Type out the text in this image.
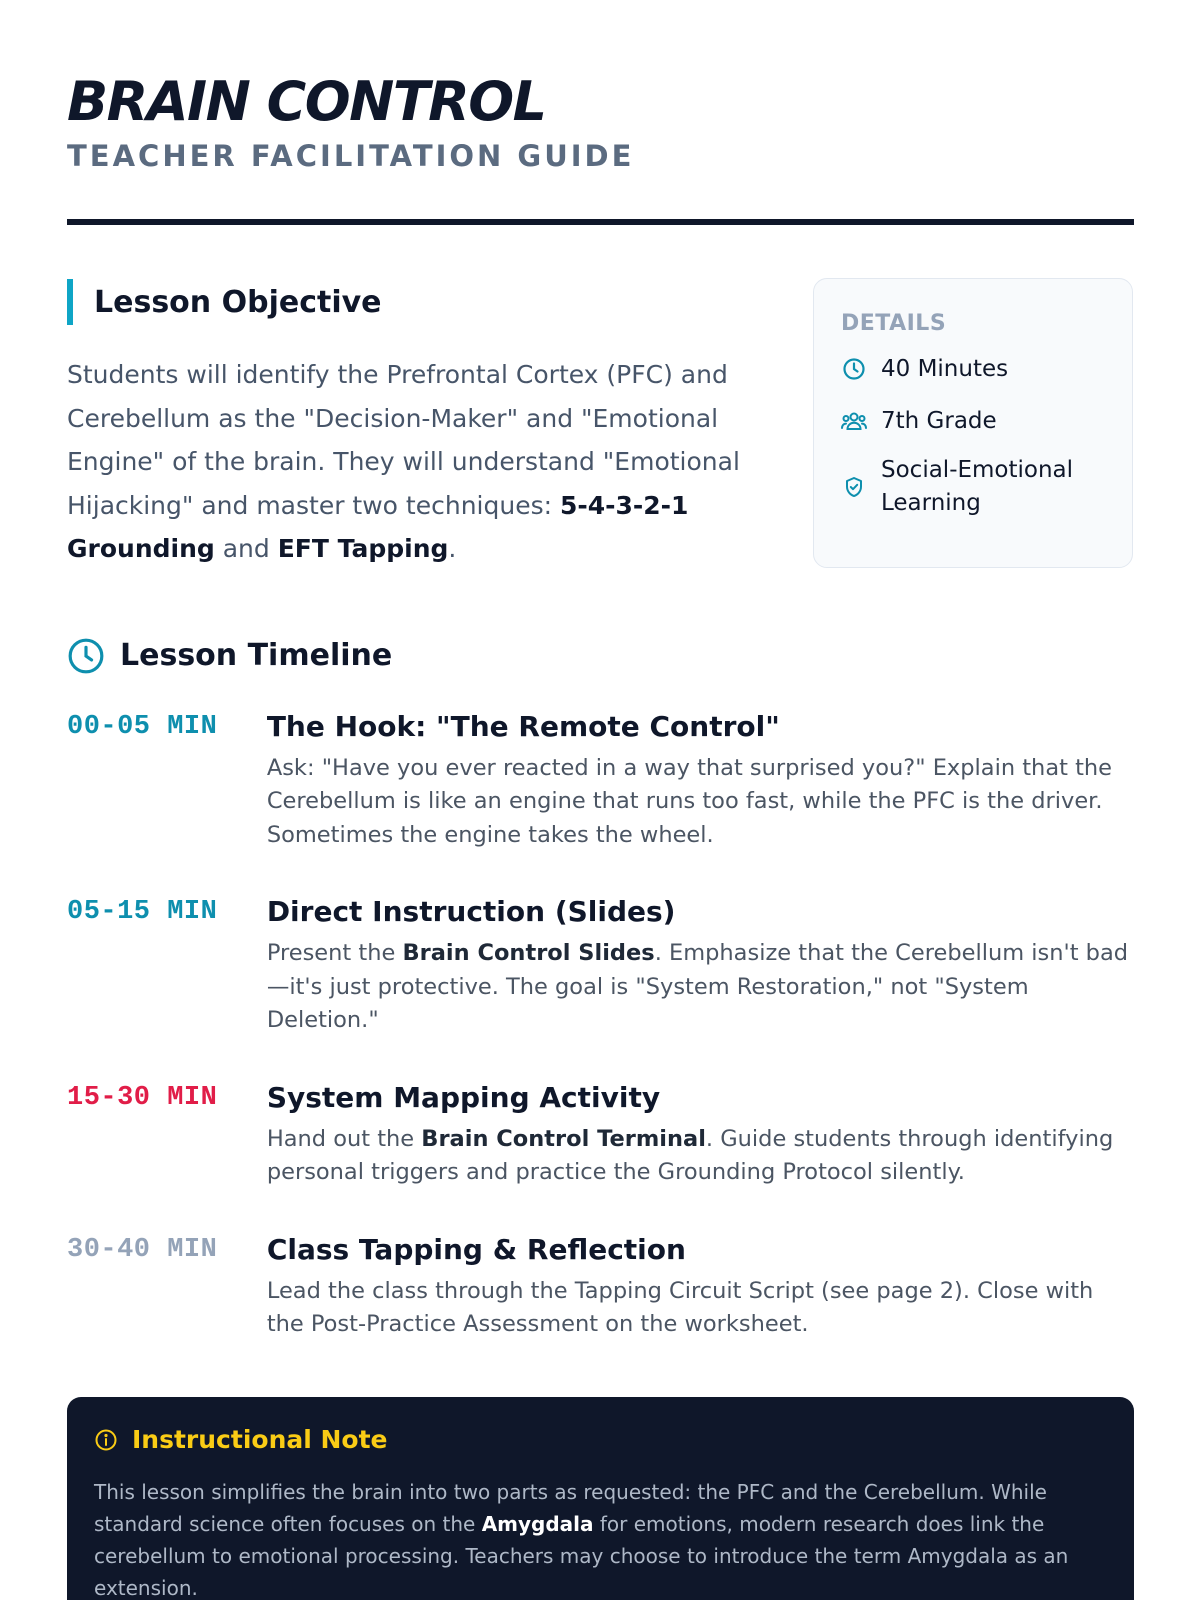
BRAIN CONTROL
TEACHER FACILITATION GUIDE
Lesson Objective

Students will identify the Prefrontal Cortex (PFC) and Cerebellum as the "Decision-Maker" and "Emotional Engine" of the brain. They will understand "Emotional Hijacking" and master two techniques: 5-4-3-2-1 Grounding and EFT Tapping.

DETAILS
40 Minutes
7th Grade
Social-Emotional Learning
Lesson Timeline
00-05 MIN	The Hook: "The Remote Control"

Ask: "Have you ever reacted in a way that surprised you?" Explain that the Cerebellum is like an engine that runs too fast, while the PFC is the driver. Sometimes the engine takes the wheel.

05-15 MIN	Direct Instruction (Slides)

Present the Brain Control Slides. Emphasize that the Cerebellum isn't bad—it's just protective. The goal is "System Restoration," not "System Deletion."

15-30 MIN	System Mapping Activity

Hand out the Brain Control Terminal. Guide students through identifying personal triggers and practice the Grounding Protocol silently.

30-40 MIN	Class Tapping & Reflection

Lead the class through the Tapping Circuit Script (see page 2). Close with the Post-Practice Assessment on the worksheet.

Instructional Note

This lesson simplifies the brain into two parts as requested: the PFC and the Cerebellum. While standard science often focuses on the Amygdala for emotions, modern research does link the cerebellum to emotional processing. Teachers may choose to introduce the term Amygdala as an extension.
